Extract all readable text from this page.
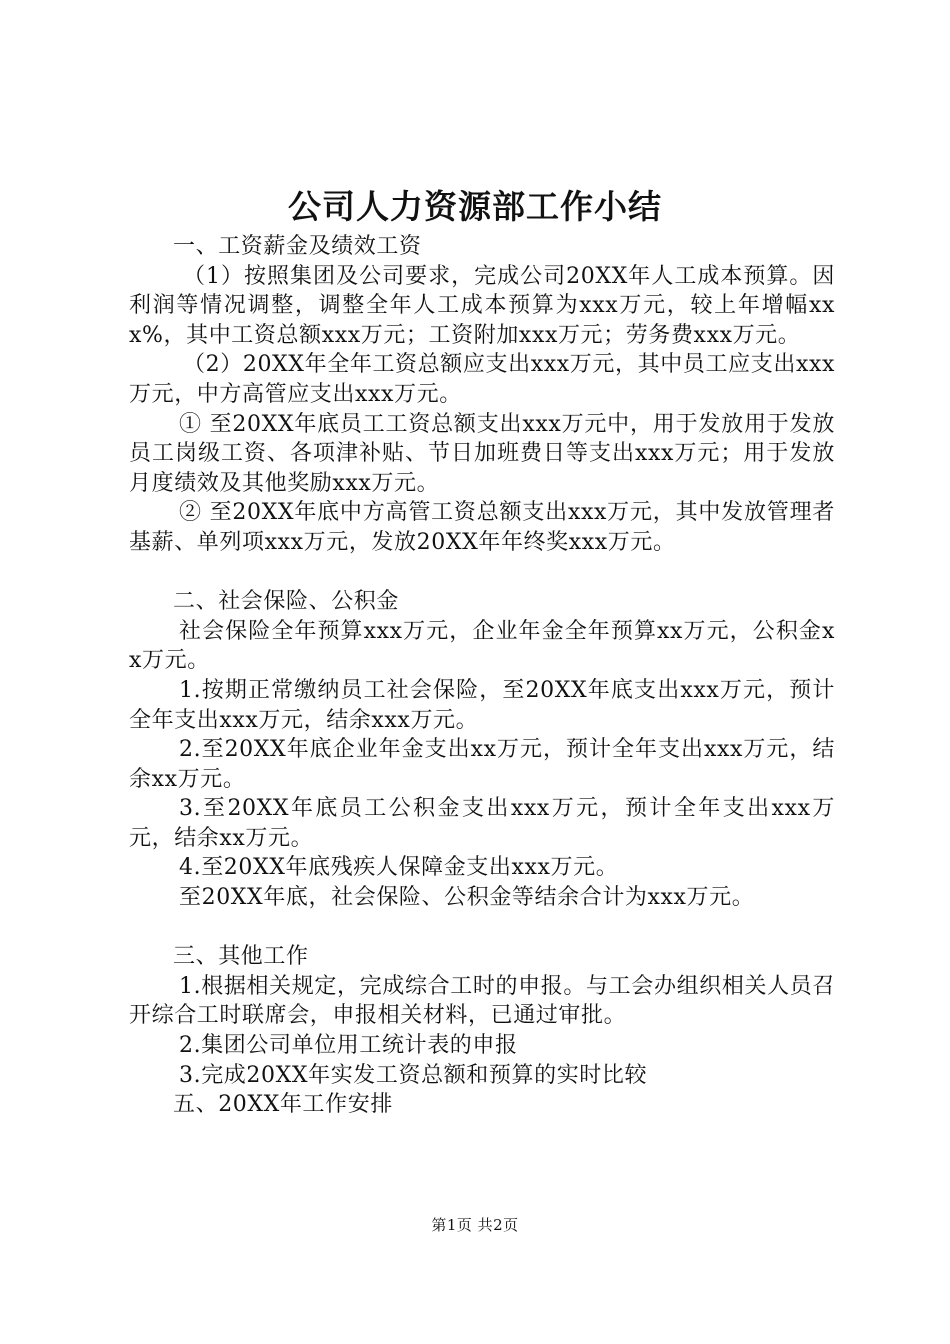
公司人力资源部工作小结

一、工资薪金及绩效工资

（1）按照集团及公司要求，完成公司20XX年人工成本预算。因利润等情况调整，调整全年人工成本预算为xxx万元，较上年增幅xxx%，其中工资总额xxx万元；工资附加xxx万元；劳务费xxx万元。

（2）20XX年全年工资总额应支出xxx万元，其中员工应支出xxx万元，中方高管应支出xxx万元。

① 至20XX年底员工工资总额支出xxx万元中，用于发放用于发放员工岗级工资、各项津补贴、节日加班费日等支出xxx万元；用于发放月度绩效及其他奖励xxx万元。

② 至20XX年底中方高管工资总额支出xxx万元，其中发放管理者基薪、单列项xxx万元，发放20XX年年终奖xxx万元。

二、社会保险、公积金

社会保险全年预算xxx万元，企业年金全年预算xx万元，公积金xx万元。

1.按期正常缴纳员工社会保险，至20XX年底支出xxx万元，预计全年支出xxx万元，结余xxx万元。

2.至20XX年底企业年金支出xx万元，预计全年支出xxx万元，结余xx万元。

3.至20XX年底员工公积金支出xxx万元，预计全年支出xxx万元，结余xx万元。

4.至20XX年底残疾人保障金支出xxx万元。

至20XX年底，社会保险、公积金等结余合计为xxx万元。

三、其他工作

1.根据相关规定，完成综合工时的申报。与工会办组织相关人员召开综合工时联席会，申报相关材料，已通过审批。

2.集团公司单位用工统计表的申报

3.完成20XX年实发工资总额和预算的实时比较

五、20XX年工作安排

第1页 共2页
